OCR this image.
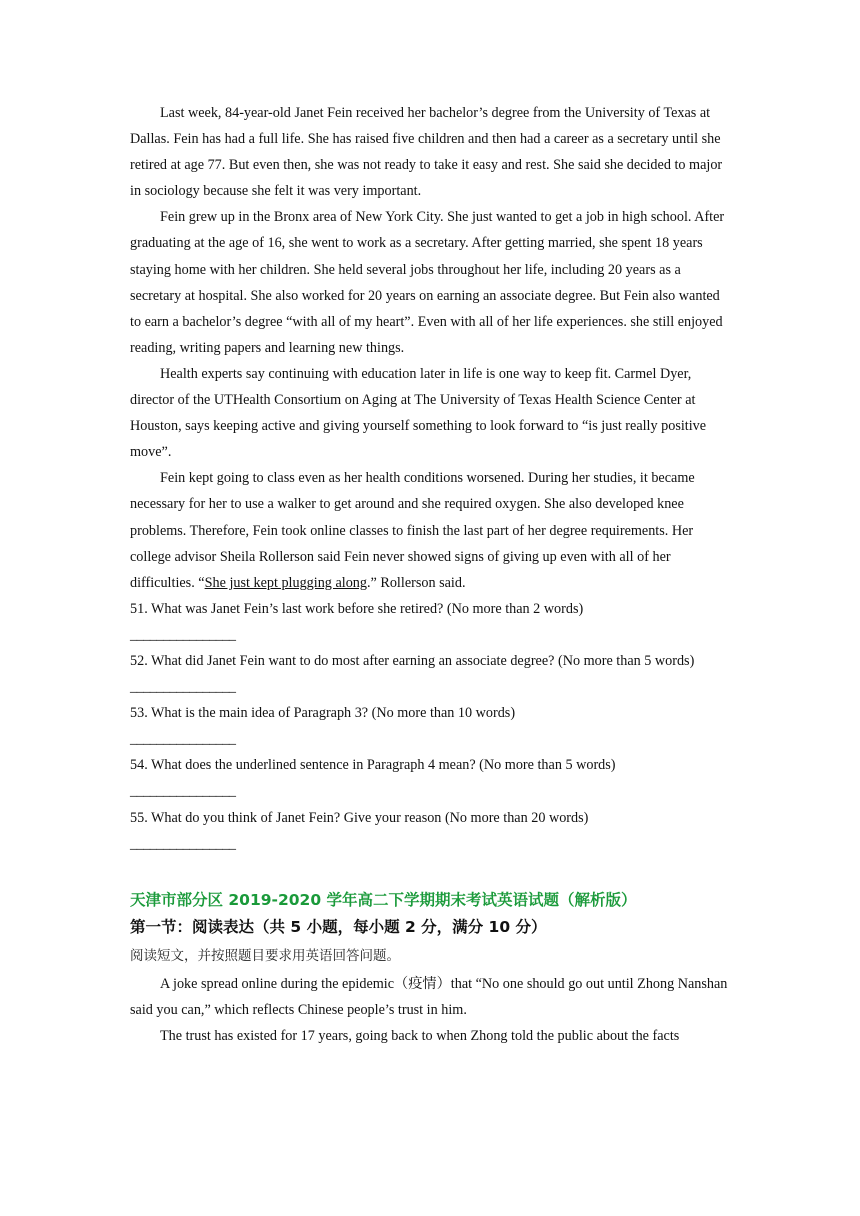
Last week, 84-year-old Janet Fein received her bachelor’s degree from the University of Texas at Dallas. Fein has had a full life. She has raised five children and then had a career as a secretary until she retired at age 77. But even then, she was not ready to take it easy and rest. She said she decided to major in sociology because she felt it was very important.

Fein grew up in the Bronx area of New York City. She just wanted to get a job in high school. After graduating at the age of 16, she went to work as a secretary. After getting married, she spent 18 years staying home with her children. She held several jobs throughout her life, including 20 years as a secretary at hospital. She also worked for 20 years on earning an associate degree. But Fein also wanted to earn a bachelor’s degree “with all of my heart”. Even with all of her life experiences. she still enjoyed reading, writing papers and learning new things.

Health experts say continuing with education later in life is one way to keep fit. Carmel Dyer, director of the UTHealth Consortium on Aging at The University of Texas Health Science Center at Houston, says keeping active and giving yourself something to look forward to “is just really positive move”.

Fein kept going to class even as her health conditions worsened. During her studies, it became necessary for her to use a walker to get around and she required oxygen. She also developed knee problems. Therefore, Fein took online classes to finish the last part of her degree requirements. Her college advisor Sheila Rollerson said Fein never showed signs of giving up even with all of her difficulties. “She just kept plugging along.” Rollerson said.

51. What was Janet Fein’s last work before she retired? (No more than 2 words)

________________

52. What did Janet Fein want to do most after earning an associate degree? (No more than 5 words)

________________

53. What is the main idea of Paragraph 3? (No more than 10 words)

________________

54. What does the underlined sentence in Paragraph 4 mean? (No more than 5 words)

________________

55. What do you think of Janet Fein? Give your reason (No more than 20 words)

________________

天津市部分区 2019-2020 学年高二下学期期末考试英语试题（解析版）

第一节：阅读表达（共 5 小题，每小题 2 分，满分 10 分）

阅读短文，并按照题目要求用英语回答问题。

A joke spread online during the epidemic（疫情）that “No one should go out until Zhong Nanshan said you can,” which reflects Chinese people’s trust in him.

The trust has existed for 17 years, going back to when Zhong told the public about the facts
